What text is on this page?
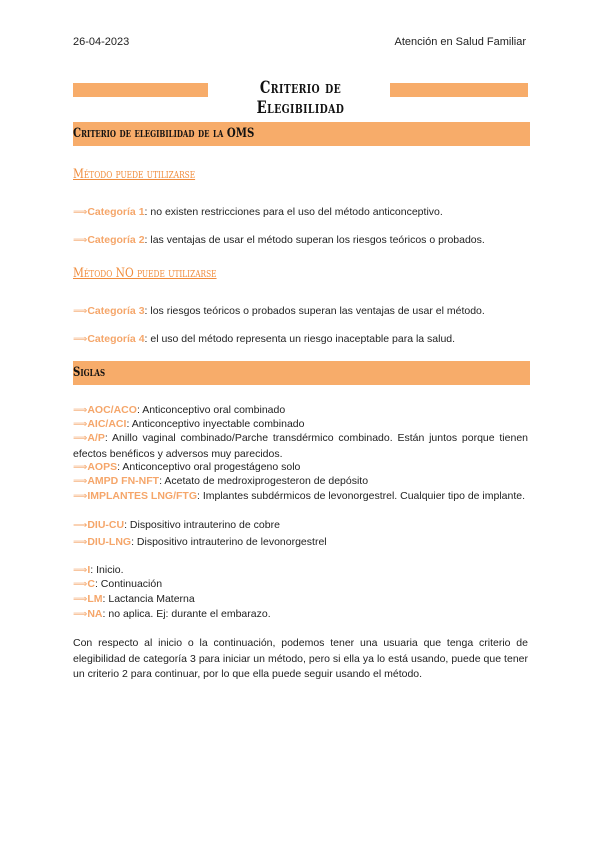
26-04-2023	Atención en Salud Familiar
Criterio de Elegibilidad
Criterio de elegibilidad de la OMS
Método puede utilizarse
⟹Categoría 1: no existen restricciones para el uso del método anticonceptivo.
⟹Categoría 2: las ventajas de usar el método superan los riesgos teóricos o probados.
Método NO puede utilizarse
⟹Categoría 3: los riesgos teóricos o probados superan las ventajas de usar el método.
⟹Categoría 4: el uso del método representa un riesgo inaceptable para la salud.
Siglas
⟹AOC/ACO: Anticonceptivo oral combinado
⟹AIC/ACI: Anticonceptivo inyectable combinado
⟹A/P: Anillo vaginal combinado/Parche transdérmico combinado. Están juntos porque tienen efectos benéficos y adversos muy parecidos.
⟹AOPS: Anticonceptivo oral progestágeno solo
⟹AMPD FN-NFT: Acetato de medroxiprogesteron de depósito
⟹IMPLANTES LNG/FTG: Implantes subdérmicos de levonorgestrel. Cualquier tipo de implante.
⟶DIU-CU: Dispositivo intrauterino de cobre
⟹DIU-LNG: Dispositivo intrauterino de levonorgestrel
⟹I: Inicio.
⟹C: Continuación
⟹LM: Lactancia Materna
⟹NA: no aplica. Ej: durante el embarazo.
Con respecto al inicio o la continuación, podemos tener una usuaria que tenga criterio de elegibilidad de categoría 3 para iniciar un método, pero si ella ya lo está usando, puede que tener un criterio 2 para continuar, por lo que ella puede seguir usando el método.
